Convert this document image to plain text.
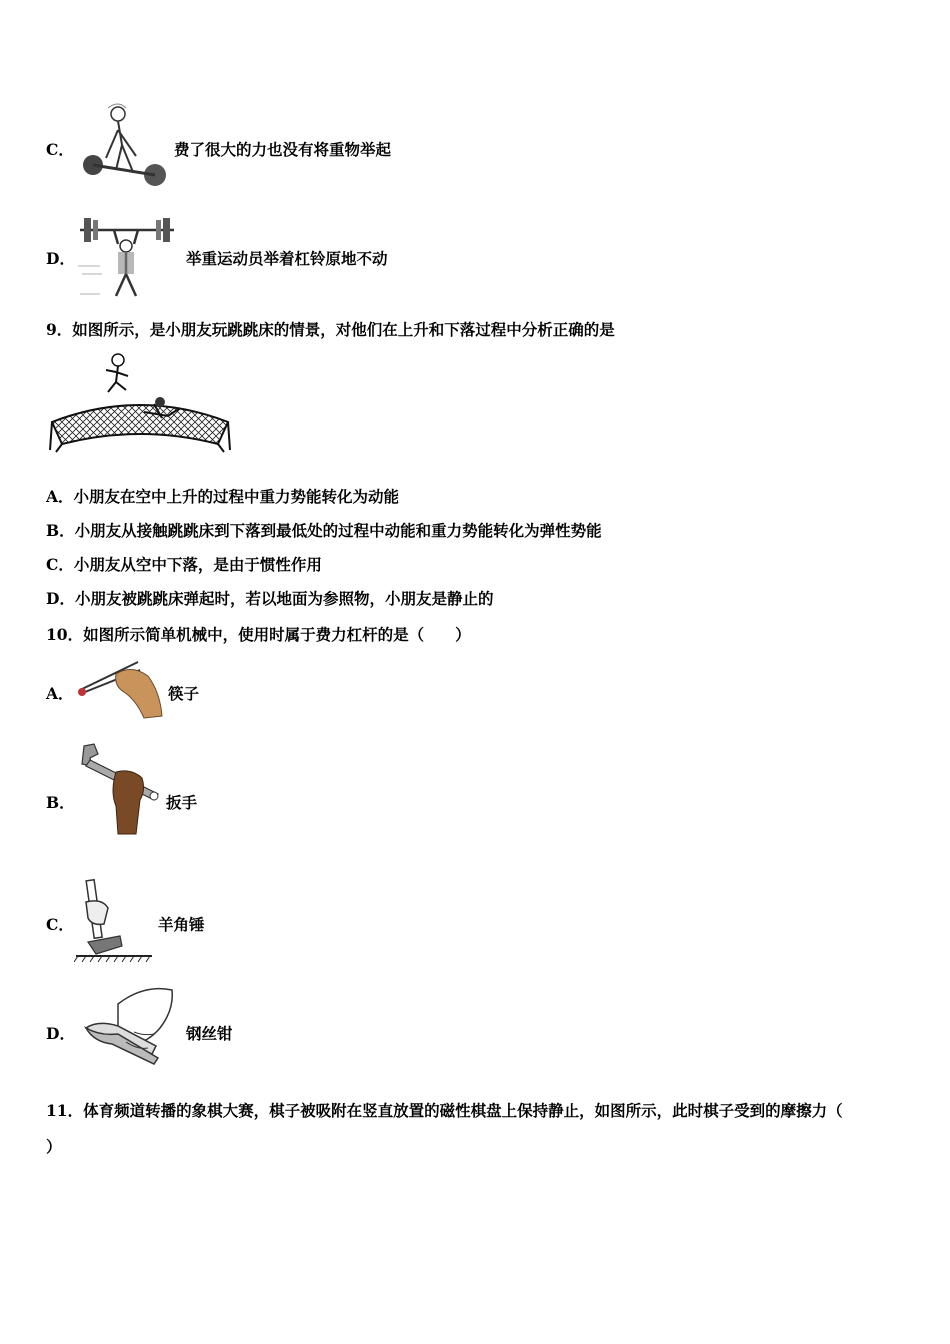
C．	费了很大的力也没有将重物举起
D．	举重运动员举着杠铃原地不动
9．如图所示，是小朋友玩跳跳床的情景，对他们在上升和下落过程中分析正确的是
A．小朋友在空中上升的过程中重力势能转化为动能
B．小朋友从接触跳跳床到下落到最低处的过程中动能和重力势能转化为弹性势能
C．小朋友从空中下落，是由于惯性作用
D．小朋友被跳跳床弹起时，若以地面为参照物，小朋友是静止的
10．如图所示简单机械中，使用时属于费力杠杆的是（　　）
A．	筷子
B．	扳手
C．	羊角锤
D．	钢丝钳
11．体育频道转播的象棋大赛，棋子被吸附在竖直放置的磁性棋盘上保持静止，如图所示，此时棋子受到的摩擦力（
）
